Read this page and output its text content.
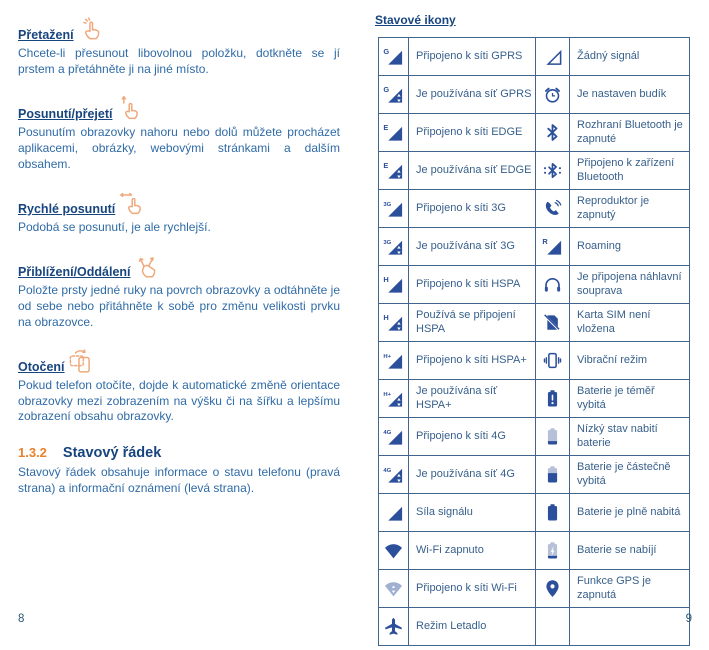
Přetažení

Chcete-li přesunout libovolnou položku, dotkněte se jí prstem a přetáhněte ji na jiné místo.

Posunutí/přejetí

Posunutím obrazovky nahoru nebo dolů můžete procházet aplikacemi, obrázky, webovými stránkami a dalším obsahem.

Rychlé posunutí

Podobá se posunutí, je ale rychlejší.

Přiblížení/Oddálení

Položte prsty jedné ruky na povrch obrazovky a odtáhněte je od sebe nebo přitáhněte k sobě pro změnu velikosti prvku na obrazovce.

Otočení

Pokud telefon otočíte, dojde k automatické změně orientace obrazovky mezi zobrazením na výšku či na šířku a lepšímu zobrazení obsahu obrazovky.

1.3.2 Stavový řádek

Stavový řádek obsahuje informace o stavu telefonu (pravá strana) a informační oznámení (levá strana).

Stavové ikony
G	Připojeno k síti GPRS		Žádný signál

G	Je používána síť GPRS		Je nastaven budík

E	Připojeno k síti EDGE		Rozhraní Bluetooth je zapnuté

E	Je používána síť EDGE		Připojeno k zařízení Bluetooth

3G	Připojeno k síti 3G		Reproduktor je zapnutý

3G	Je používána síť 3G	R	Roaming

H	Připojeno k síti HSPA		Je připojena náhlavní souprava

H	Používá se připojení HSPA		Karta SIM není vložena

H+	Připojeno k síti HSPA+		Vibrační režim

H+	Je používána síť HSPA+		Baterie je téměř vybitá

4G	Připojeno k síti 4G		Nízký stav nabití baterie

4G	Je používána síť 4G		Baterie je částečně vybitá
	Síla signálu		Baterie je plně nabitá
	Wi-Fi zapnuto		Baterie se nabíjí
	Připojeno k síti Wi-Fi		Funkce GPS je zapnutá
	Režim Letadlo		
8	9
